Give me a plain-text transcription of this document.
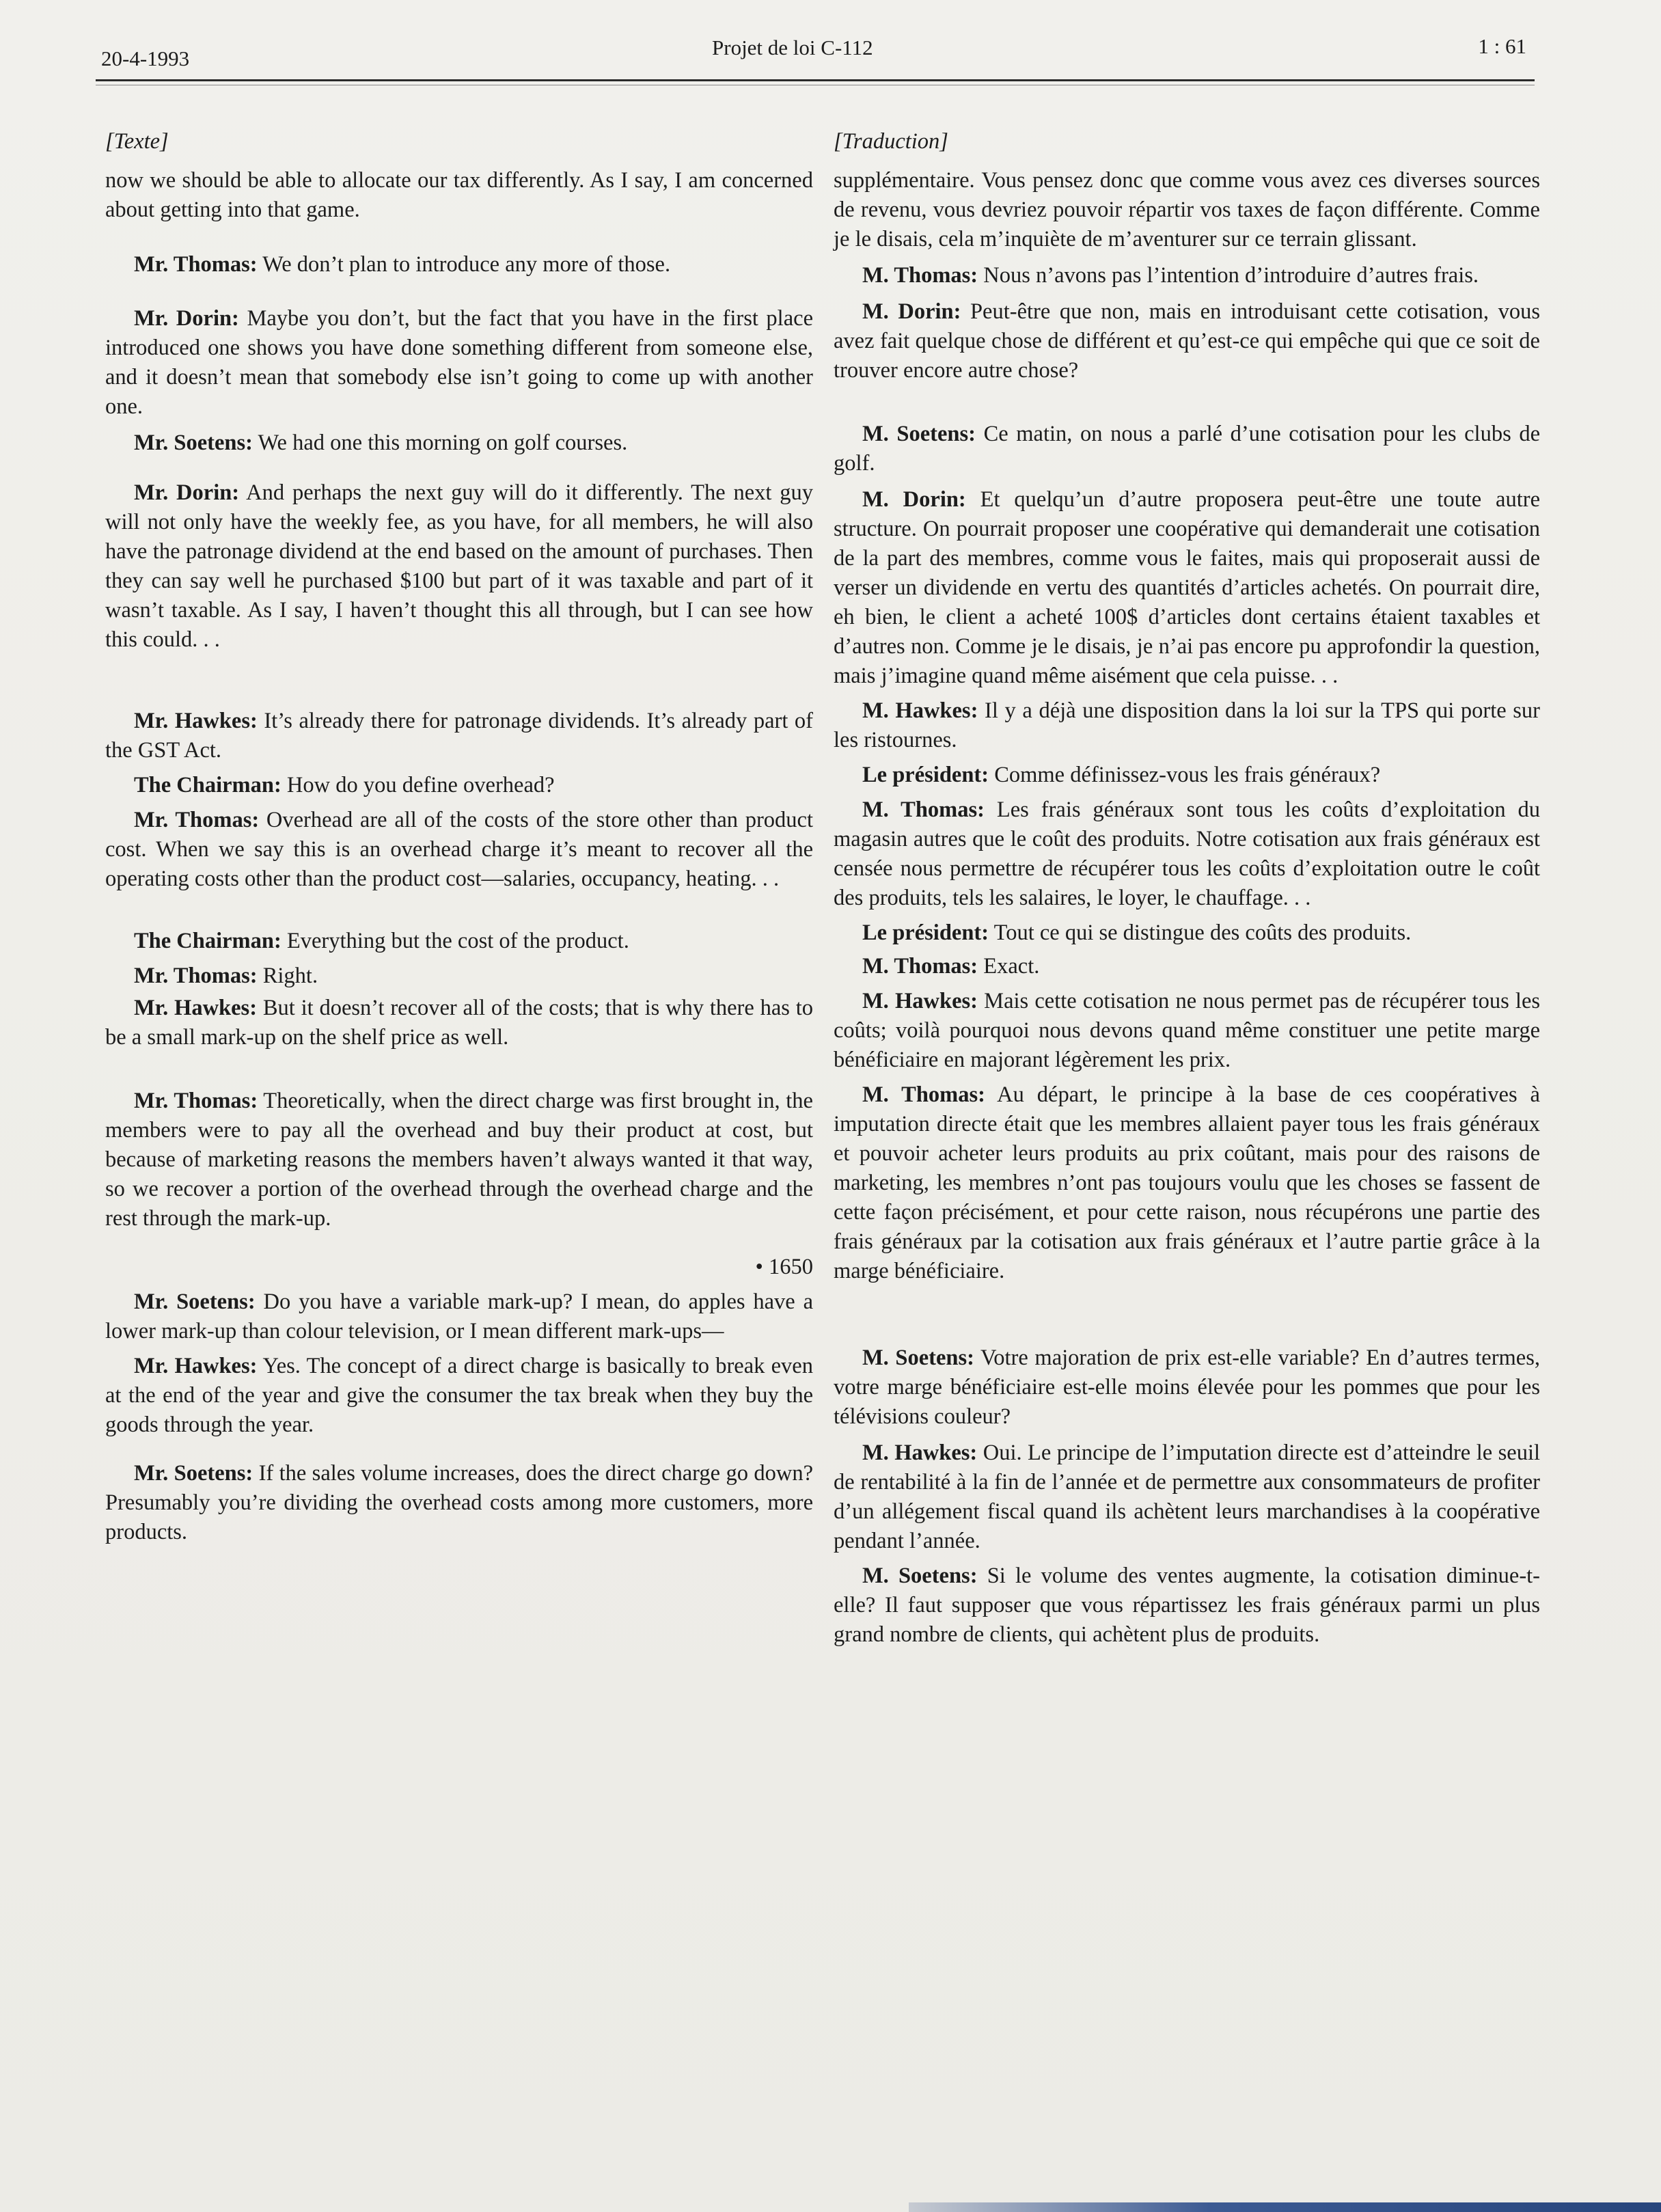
20-4-1993	Projet de loi C-112	1 : 61

[Texte]

now we should be able to allocate our tax differently. As I say, I am concerned about getting into that game.

Mr. Thomas: We don’t plan to introduce any more of those.

Mr. Dorin: Maybe you don’t, but the fact that you have in the first place introduced one shows you have done something different from someone else, and it doesn’t mean that somebody else isn’t going to come up with another one.

Mr. Soetens: We had one this morning on golf courses.

Mr. Dorin: And perhaps the next guy will do it differently. The next guy will not only have the weekly fee, as you have, for all members, he will also have the patronage dividend at the end based on the amount of purchases. Then they can say well he purchased $100 but part of it was taxable and part of it wasn’t taxable. As I say, I haven’t thought this all through, but I can see how this could. . .

Mr. Hawkes: It’s already there for patronage dividends. It’s already part of the GST Act.

The Chairman: How do you define overhead?

Mr. Thomas: Overhead are all of the costs of the store other than product cost. When we say this is an overhead charge it’s meant to recover all the operating costs other than the product cost—salaries, occupancy, heating. . .

The Chairman: Everything but the cost of the product.

Mr. Thomas: Right.

Mr. Hawkes: But it doesn’t recover all of the costs; that is why there has to be a small mark-up on the shelf price as well.

Mr. Thomas: Theoretically, when the direct charge was first brought in, the members were to pay all the overhead and buy their product at cost, but because of marketing reasons the members haven’t always wanted it that way, so we recover a portion of the overhead through the overhead charge and the rest through the mark-up.

• 1650

Mr. Soetens: Do you have a variable mark-up? I mean, do apples have a lower mark-up than colour television, or I mean different mark-ups—

Mr. Hawkes: Yes. The concept of a direct charge is basically to break even at the end of the year and give the consumer the tax break when they buy the goods through the year.

Mr. Soetens: If the sales volume increases, does the direct charge go down? Presumably you’re dividing the overhead costs among more customers, more products.

[Traduction]

supplémentaire. Vous pensez donc que comme vous avez ces diverses sources de revenu, vous devriez pouvoir répartir vos taxes de façon différente. Comme je le disais, cela m’inquiète de m’aventurer sur ce terrain glissant.

M. Thomas: Nous n’avons pas l’intention d’introduire d’autres frais.

M. Dorin: Peut-être que non, mais en introduisant cette cotisation, vous avez fait quelque chose de différent et qu’est-ce qui empêche qui que ce soit de trouver encore autre chose?

M. Soetens: Ce matin, on nous a parlé d’une cotisation pour les clubs de golf.

M. Dorin: Et quelqu’un d’autre proposera peut-être une toute autre structure. On pourrait proposer une coopérative qui demanderait une cotisation de la part des membres, comme vous le faites, mais qui proposerait aussi de verser un dividende en vertu des quantités d’articles achetés. On pourrait dire, eh bien, le client a acheté 100$ d’articles dont certains étaient taxables et d’autres non. Comme je le disais, je n’ai pas encore pu approfondir la question, mais j’imagine quand même aisément que cela puisse. . .

M. Hawkes: Il y a déjà une disposition dans la loi sur la TPS qui porte sur les ristournes.

Le président: Comme définissez-vous les frais généraux?

M. Thomas: Les frais généraux sont tous les coûts d’exploitation du magasin autres que le coût des produits. Notre cotisation aux frais généraux est censée nous permettre de récupérer tous les coûts d’exploitation outre le coût des produits, tels les salaires, le loyer, le chauffage. . .

Le président: Tout ce qui se distingue des coûts des produits.

M. Thomas: Exact.

M. Hawkes: Mais cette cotisation ne nous permet pas de récupérer tous les coûts; voilà pourquoi nous devons quand même constituer une petite marge bénéficiaire en majorant légèrement les prix.

M. Thomas: Au départ, le principe à la base de ces coopératives à imputation directe était que les membres allaient payer tous les frais généraux et pouvoir acheter leurs produits au prix coûtant, mais pour des raisons de marketing, les membres n’ont pas toujours voulu que les choses se fassent de cette façon précisément, et pour cette raison, nous récupérons une partie des frais généraux par la cotisation aux frais généraux et l’autre partie grâce à la marge bénéficiaire.

M. Soetens: Votre majoration de prix est-elle variable? En d’autres termes, votre marge bénéficiaire est-elle moins élevée pour les pommes que pour les télévisions couleur?

M. Hawkes: Oui. Le principe de l’imputation directe est d’atteindre le seuil de rentabilité à la fin de l’année et de permettre aux consommateurs de profiter d’un allégement fiscal quand ils achètent leurs marchandises à la coopérative pendant l’année.

M. Soetens: Si le volume des ventes augmente, la cotisation diminue-t-elle? Il faut supposer que vous répartissez les frais généraux parmi un plus grand nombre de clients, qui achètent plus de produits.
